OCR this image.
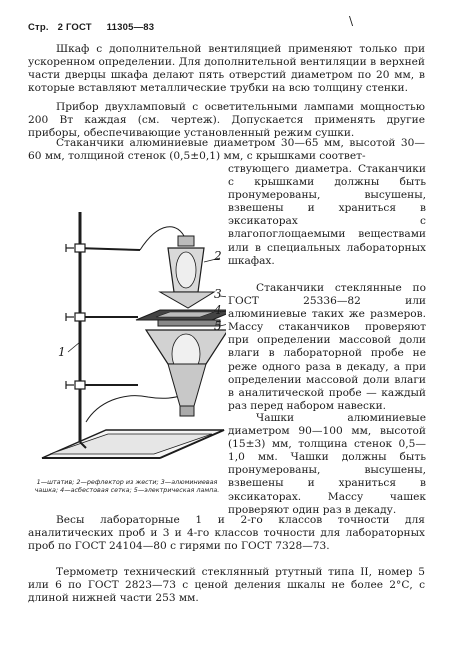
Стр. 2 ГОСТ 11305—83	\

Шкаф с дополнительной вентиляцией применяют только при ускоренном определении. Для дополнительной вентиляции в верхней части дверцы шкафа делают пять отверстий диаметром по 20 мм, в которые вставляют металлические трубки на всю толщину стенки.

Прибор двухламповый с осветительными лампами мощностью 200 Вт каждая (см. чертеж). Допускается применять другие приборы, обеспечивающие установленный режим сушки.

Стаканчики алюминиевые диаметром 30—65 мм, высотой 30—60 мм, толщиной стенок (0,5±0,1) мм, с крышками соответ-

ствующего диаметра. Стаканчики с крышками должны быть пронумерованы, высушены, взвешены и храниться в эксикаторах с влагопоглощаемыми веществами или в специальных лабораторных шкафах.

Стаканчики стеклянные по ГОСТ 25336—82 или алюминиевые таких же размеров. Массу стаканчиков проверяют при определении массовой доли влаги в лабораторной пробе не реже одного раза в декаду, а при определении массовой доли влаги в аналитической пробе — каждый раз перед набором навески.

Чашки алюминиевые диаметром 90—100 мм, высотой (15±3) мм, толщина стенок 0,5—1,0 мм. Чашки должны быть пронумерованы, высушены, взвешены и храниться в эксикаторах. Массу чашек проверяют один раз в декаду.

Весы лабораторные 1 и 2-го классов точности для аналитических проб и 3 и 4-го классов точности для лабораторных проб по ГОСТ 24104—80 с гирями по ГОСТ 7328—73.

Термометр технический стеклянный ртутный типа II, номер 5 или 6 по ГОСТ 2823—73 с ценой деления шкалы не более 2°С, с длиной нижней части 253 мм.

2
3
4
5
1
1—штатив; 2—рефлектор из жести; 3—алюминиевая чашка; 4—асбестовая сетка; 5—электрическая лампа.
